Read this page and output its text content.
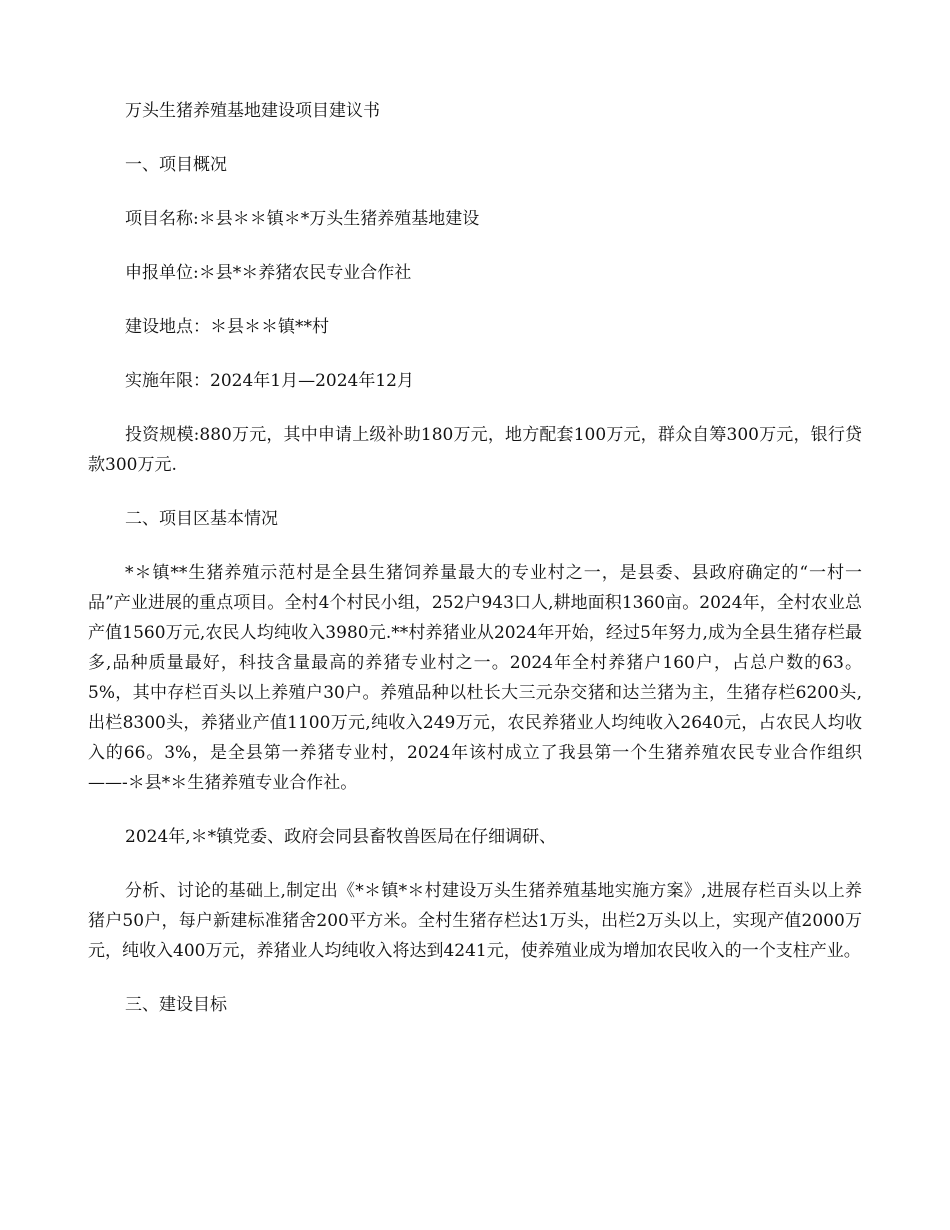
万头生猪养殖基地建设项目建议书

一、项目概况

项目名称:＊县＊＊镇＊*万头生猪养殖基地建设

申报单位:＊县*＊养猪农民专业合作社

建设地点：＊县＊＊镇**村

实施年限：2024年1月—2024年12月

投资规模:880万元，其中申请上级补助180万元，地方配套100万元，群众自筹300万元，银行贷款300万元.

二、项目区基本情况

*＊镇**生猪养殖示范村是全县生猪饲养量最大的专业村之一，是县委、县政府确定的“一村一品”产业进展的重点项目。全村4个村民小组，252户943口人,耕地面积1360亩。2024年，全村农业总产值1560万元,农民人均纯收入3980元.**村养猪业从2024年开始，经过5年努力,成为全县生猪存栏最多,品种质量最好，科技含量最高的养猪专业村之一。2024年全村养猪户160户，占总户数的63。5%，其中存栏百头以上养殖户30户。养殖品种以杜长大三元杂交猪和达兰猪为主，生猪存栏6200头,出栏8300头，养猪业产值1100万元,纯收入249万元，农民养猪业人均纯收入2640元，占农民人均收入的66。3%，是全县第一养猪专业村，2024年该村成立了我县第一个生猪养殖农民专业合作组织——-＊县*＊生猪养殖专业合作社。

2024年,＊*镇党委、政府会同县畜牧兽医局在仔细调研、

分析、讨论的基础上,制定出《*＊镇*＊村建设万头生猪养殖基地实施方案》,进展存栏百头以上养猪户50户，每户新建标准猪舍200平方米。全村生猪存栏达1万头，出栏2万头以上，实现产值2000万元，纯收入400万元，养猪业人均纯收入将达到4241元，使养殖业成为增加农民收入的一个支柱产业。

三、建设目标
